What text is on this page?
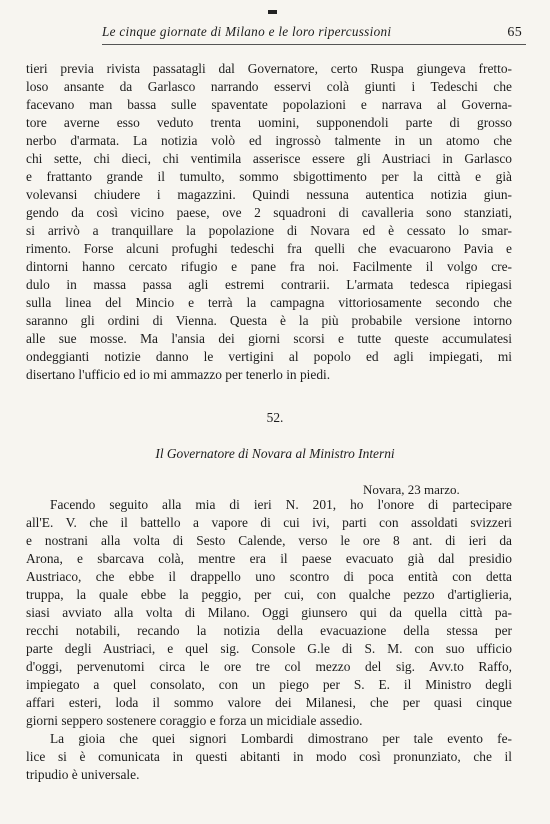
Le cinque giornate di Milano e le loro ripercussioni	65
tieri previa rivista passatagli dal Governatore, certo Ruspa giungeva fretto-
loso ansante da Garlasco narrando esservi colà giunti i Tedeschi che
facevano man bassa sulle spaventate popolazioni e narrava al Governa-
tore averne esso veduto trenta uomini, supponendoli parte di grosso
nerbo d'armata. La notizia volò ed ingrossò talmente in un atomo che
chi sette, chi dieci, chi ventimila asserisce essere gli Austriaci in Garlasco
e frattanto grande il tumulto, sommo sbigottimento per la città e già
volevansi chiudere i magazzini. Quindi nessuna autentica notizia giun-
gendo da così vicino paese, ove 2 squadroni di cavalleria sono stanziati,
si arrivò a tranquillare la popolazione di Novara ed è cessato lo smar-
rimento. Forse alcuni profughi tedeschi fra quelli che evacuarono Pavia e
dintorni hanno cercato rifugio e pane fra noi. Facilmente il volgo cre-
dulo in massa passa agli estremi contrarii. L'armata tedesca ripiegasi
sulla linea del Mincio e terrà la campagna vittoriosamente secondo che
saranno gli ordini di Vienna. Questa è la più probabile versione intorno
alle sue mosse. Ma l'ansia dei giorni scorsi e tutte queste accumulatesi
ondeggianti notizie danno le vertigini al popolo ed agli impiegati, mi
disertano l'ufficio ed io mi ammazzo per tenerlo in piedi.
52.
Il Governatore di Novara al Ministro Interni
Novara, 23 marzo.
Facendo seguito alla mia di ieri N. 201, ho l'onore di partecipare
all'E. V. che il battello a vapore di cui ivi, parti con assoldati svizzeri
e nostrani alla volta di Sesto Calende, verso le ore 8 ant. di ieri da
Arona, e sbarcava colà, mentre era il paese evacuato già dal presidio
Austriaco, che ebbe il drappello uno scontro di poca entità con detta
truppa, la quale ebbe la peggio, per cui, con qualche pezzo d'artiglieria,
siasi avviato alla volta di Milano. Oggi giunsero qui da quella città pa-
recchi notabili, recando la notizia della evacuazione della stessa per
parte degli Austriaci, e quel sig. Console G.le di S. M. con suo ufficio
d'oggi, pervenutomi circa le ore tre col mezzo del sig. Avv.to Raffo,
impiegato a quel consolato, con un piego per S. E. il Ministro degli
affari esteri, loda il sommo valore dei Milanesi, che per quasi cinque
giorni seppero sostenere coraggio e forza un micidiale assedio.
La gioia che quei signori Lombardi dimostrano per tale evento fe-
lice si è comunicata in questi abitanti in modo così pronunziato, che il
tripudio è universale.
